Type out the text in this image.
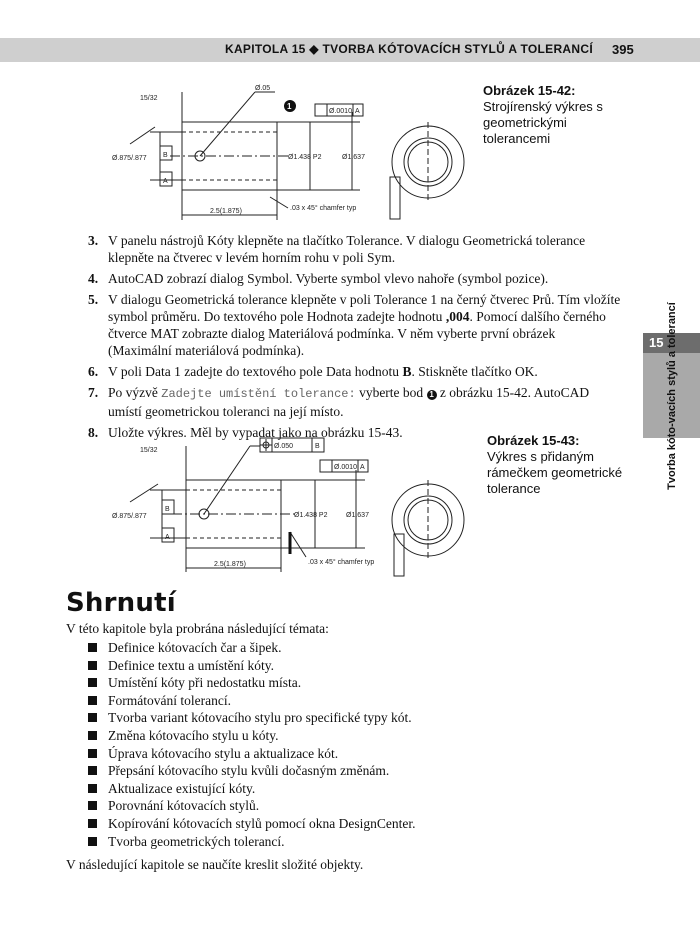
KAPITOLA 15 ◆ TVORBA KÓTOVACÍCH STYLŮ A TOLERANCÍ 395
1
15/32
Ø.05
Ø.875/.877 B
A
Ø1.438 P2	Ø1.637
2.5(1.875)	.03 x 45° chamfer typ
Ø.0010 A
Obrázek 15-42:
Strojírenský výkres s geometrickými tolerancemi
3. V panelu nástrojů Kóty klepněte na tlačítko Tolerance. V dialogu Geometrická tolerance klepněte na čtverec v levém horním rohu v poli Sym.
4. AutoCAD zobrazí dialog Symbol. Vyberte symbol vlevo nahoře (symbol pozice).
5. V dialogu Geometrická tolerance klepněte v poli Tolerance 1 na černý čtverec Prů. Tím vložíte symbol průměru. Do textového pole Hodnota zadejte hodnotu ,004. Pomocí dalšího černého čtverce MAT zobrazte dialog Materiálová podmínka. V něm vyberte první obrázek (Maximální materiálová podmínka).
6. V poli Data 1 zadejte do textového pole Data hodnotu B. Stiskněte tlačítko OK.
7. Po výzvě Zadejte umístění tolerance: vyberte bod 1 z obrázku 15-42. AutoCAD umístí geometrickou toleranci na její místo.
8. Uložte výkres. Měl by vypadat jako na obrázku 15-43.
15 Tvorba kóto-vacích stylů a tolerancí
15/32
Ø.050	B
Ø.875/.877
B
A
Ø1.438 P2	Ø1.637
2.5(1.875)	.03 x 45° chamfer typ
Ø.0010 A
Obrázek 15-43:
Výkres s přidaným rámečkem geometrické tolerance
Shrnutí
V této kapitole byla probrána následující témata:
Definice kótovacích čar a šipek.
Definice textu a umístění kóty.
Umístění kóty při nedostatku místa.
Formátování tolerancí.
Tvorba variant kótovacího stylu pro specifické typy kót.
Změna kótovacího stylu u kóty.
Úprava kótovacího stylu a aktualizace kót.
Přepsání kótovacího stylu kvůli dočasným změnám.
Aktualizace existující kóty.
Porovnání kótovacích stylů.
Kopírování kótovacích stylů pomocí okna DesignCenter.
Tvorba geometrických tolerancí.
V následující kapitole se naučíte kreslit složité objekty.
